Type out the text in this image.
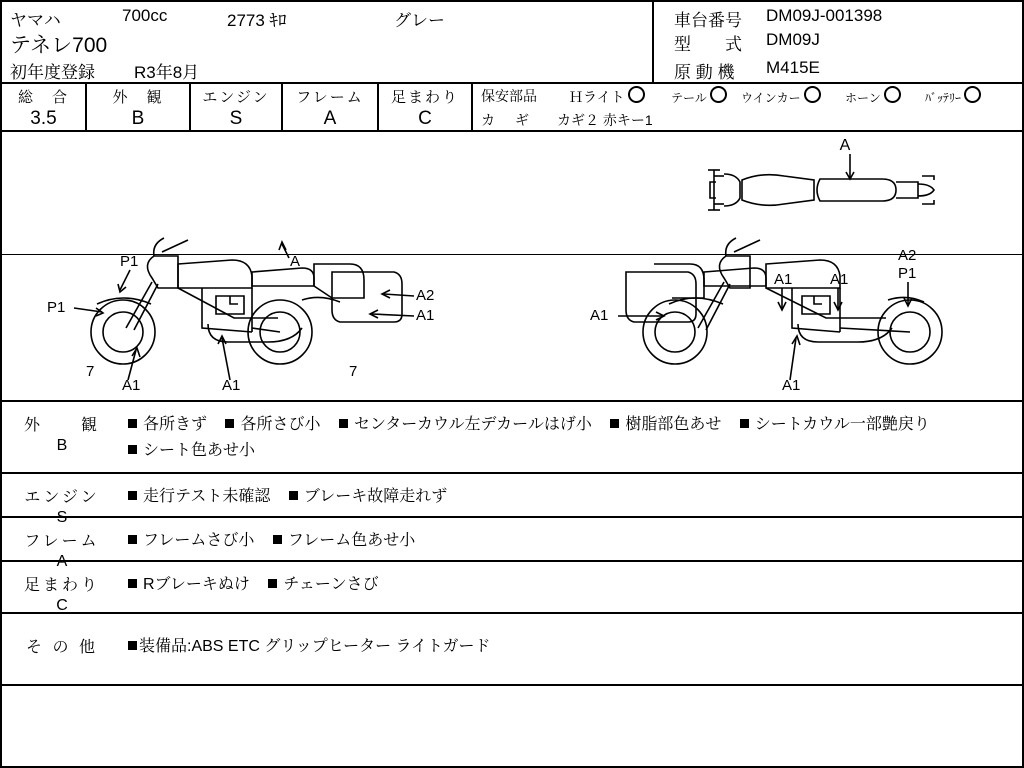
ヤマハ	700cc	2773 ｷﾛ	グレー
テネレ700
初年度登録 R3年8月
車台番号 DM09J-001398
型　　式 DM09J
原 動 機 M415E
総　合
3.5
外　観
B
エンジン
S
フレーム
A
足まわり
C
保安部品 Ｈライト	テール	ウインカー	ホーン	ﾊﾞｯﾃﾘｰ
カ　ギ カギ２ 赤キー1
A
P1
P1
A
A2
A1
7
A1	A1
7
A1
A1	A1
A2
P1
A1
外　　観
B
各所きず 各所さび小 センターカウル左デカールはげ小 樹脂部色あせ シートカウル一部艶戻り シート色あせ小
エンジン
S
走行テスト未確認 ブレーキ故障走れず
フレーム
A
フレームさび小 フレーム色あせ小
足まわり
C
Rブレーキぬけ チェーンさび
そ の 他	装備品:ABS ETC グリップヒーター ライトガード
